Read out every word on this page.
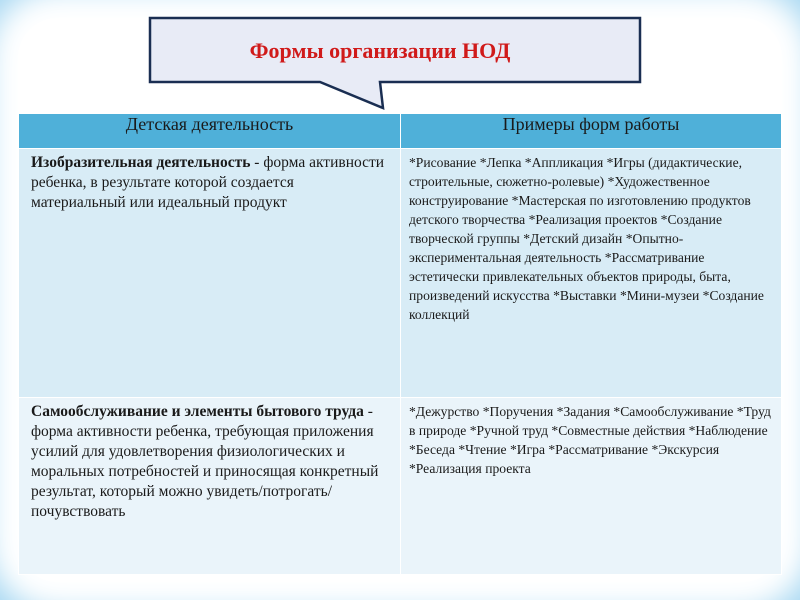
Формы организации НОД
Детская деятельность	Примеры форм работы
Изобразительная деятельность - форма активности ребенка, в результате которой создается материальный или идеальный продукт	*Рисование *Лепка *Аппликация *Игры (дидактические, строительные, сюжетно-ролевые) *Художественное конструирование *Мастерская по изготовлению продуктов детского творчества *Реализация проектов *Создание творческой группы *Детский дизайн *Опытно-экспериментальная деятельность *Рассматривание эстетически привлекательных объектов природы, быта, произведений искусства *Выставки *Мини-музеи *Создание коллекций
Самообслуживание и элементы бытового труда - форма активности ребенка, требующая приложения усилий для удовлетворения физиологических и моральных потребностей и приносящая конкретный результат, который можно увидеть/потрогать/почувствовать	*Дежурство *Поручения *Задания *Самообслуживание *Труд в природе *Ручной труд *Совместные действия *Наблюдение *Беседа *Чтение *Игра *Рассматривание *Экскурсия *Реализация проекта
